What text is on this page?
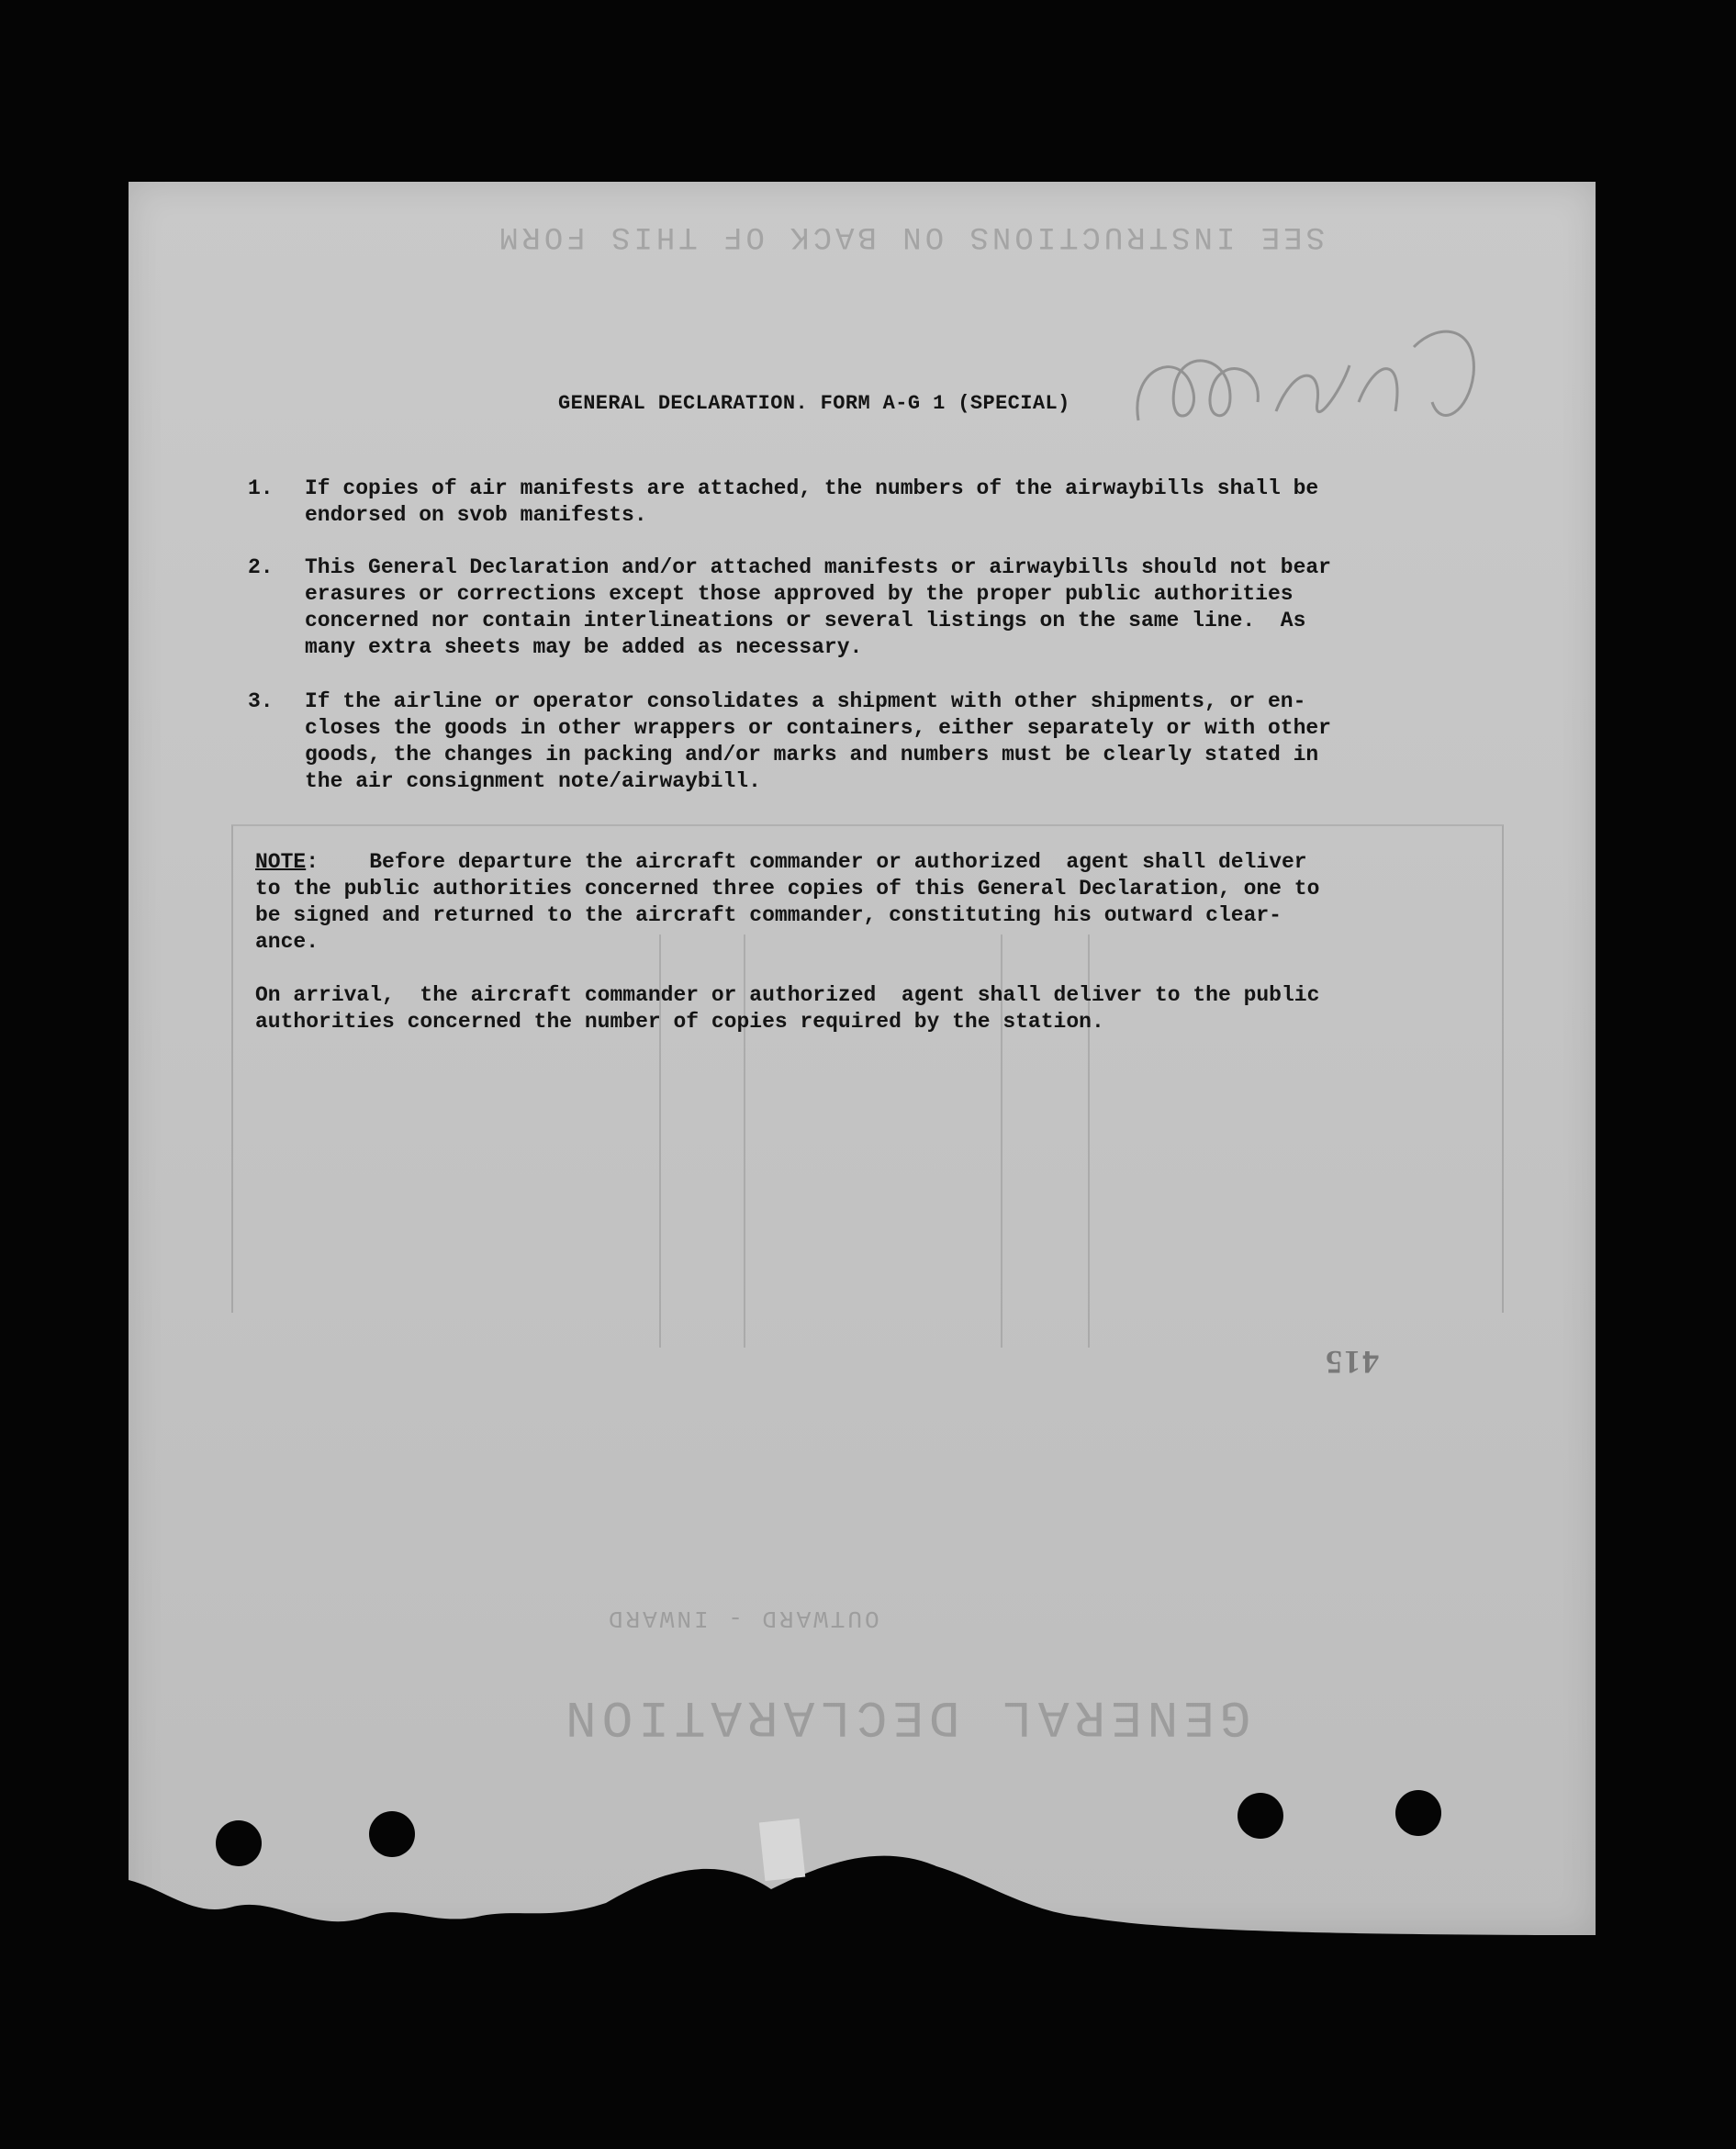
SEE INSTRUCTIONS ON BACK OF THIS FORM
OUTWARD - INWARD
GENERAL DECLARATION
GENERAL DECLARATION. FORM A-G 1 (SPECIAL)
1. If copies of air manifests are attached, the numbers of the airwaybills shall be
endorsed on svob manifests.
2. This General Declaration and/or attached manifests or airwaybills should not bear
erasures or corrections except those approved by the proper public authorities
concerned nor contain interlineations or several listings on the same line.  As
many extra sheets may be added as necessary.
3. If the airline or operator consolidates a shipment with other shipments, or en-
closes the goods in other wrappers or containers, either separately or with other
goods, the changes in packing and/or marks and numbers must be clearly stated in
the air consignment note/airwaybill.
NOTE:    Before departure the aircraft commander or authorized  agent shall deliver
to the public authorities concerned three copies of this General Declaration, one to
be signed and returned to the aircraft commander, constituting his outward clear-
ance.
On arrival,  the aircraft commander or authorized  agent shall deliver to the public
authorities concerned the number of copies required by the station.
415
